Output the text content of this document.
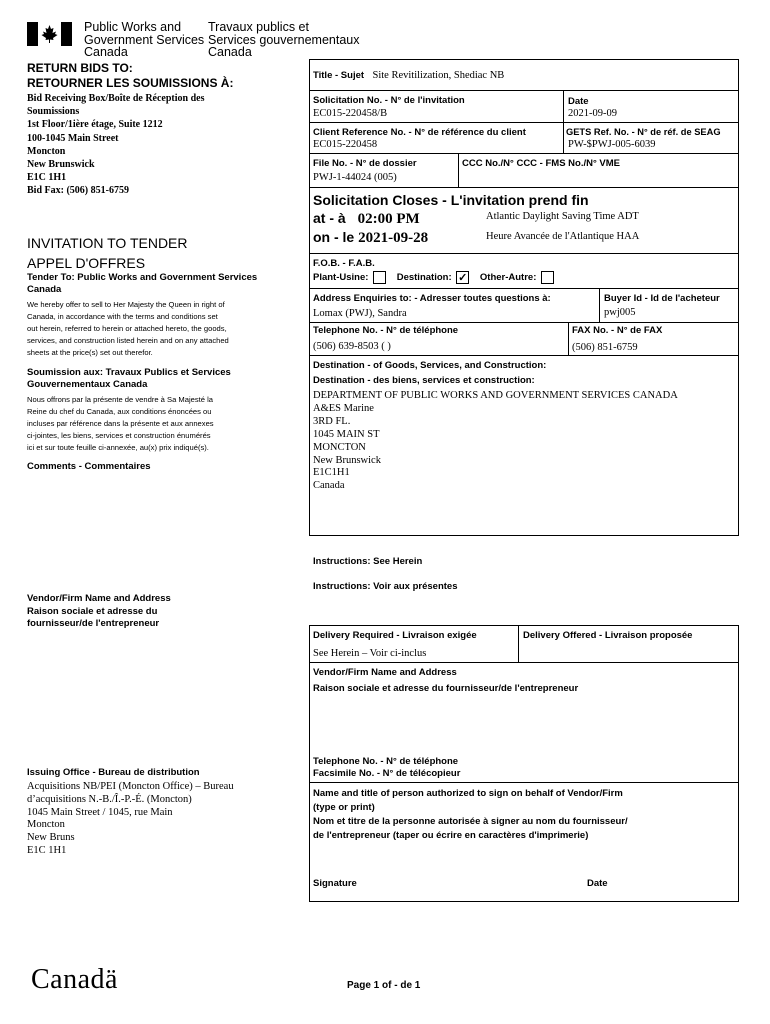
Public Works and
Government Services
Canada
Travaux publics et
Services gouvernementaux
Canada
RETURN BIDS TO:
RETOURNER LES SOUMISSIONS À:
Bid Receiving Box/Boîte de Réception des
Soumissions
1st Floor/1ière étage, Suite 1212
100-1045 Main Street
Moncton
New Brunswick
E1C 1H1
Bid Fax: (506) 851-6759
INVITATION TO TENDER
APPEL D'OFFRES
Tender To: Public Works and Government Services Canada
We hereby offer to sell to Her Majesty the Queen in right of
Canada, in accordance with the terms and conditions set
out herein, referred to herein or attached hereto, the goods,
services, and construction listed herein and on any attached
sheets at the price(s) set out therefor.
Soumission aux: Travaux Publics et Services Gouvernementaux Canada
Nous offrons par la présente de vendre à Sa Majesté la
Reine du chef du Canada, aux conditions énoncées ou
incluses par référence dans la présente et aux annexes
ci-jointes, les biens, services et construction énumérés
ici et sur toute feuille ci-annexée, au(x) prix indiqué(s).
Comments - Commentaires
Vendor/Firm Name and Address
Raison sociale et adresse du
fournisseur/de l'entrepreneur
Issuing Office - Bureau de distribution
Acquisitions NB/PEI (Moncton Office) – Bureau
d’acquisitions N.-B./Î.-P.-É. (Moncton)
1045 Main Street / 1045, rue Main
Moncton
New Bruns
E1C 1H1
Title - Sujet Site Revitilization, Shediac NB
Solicitation No. - N° de l'invitation
EC015-220458/B
Date
2021-09-09
Client Reference No. - N° de référence du client
EC015-220458
GETS Ref. No. - N° de réf. de SEAG
PW-$PWJ-005-6039
File No. - N° de dossier
PWJ-1-44024 (005)
CCC No./N° CCC - FMS No./N° VME
Solicitation Closes - L'invitation prend fin
at - à 02:00 PM
on - le 2021-09-28
Atlantic Daylight Saving Time ADT
Heure Avancée de l'Atlantique HAA
F.O.B. - F.A.B.
Plant-Usine:	Destination: ✓ Other-Autre:
Address Enquiries to: - Adresser toutes questions à:
Lomax (PWJ), Sandra
Buyer Id - Id de l'acheteur
pwj005
Telephone No. - N° de téléphone
(506) 639-8503 ( )
FAX No. - N° de FAX
(506) 851-6759
Destination - of Goods, Services, and Construction:
Destination - des biens, services et construction:
DEPARTMENT OF PUBLIC WORKS AND GOVERNMENT SERVICES CANADA
A&ES Marine
3RD FL.
1045 MAIN ST
MONCTON
New Brunswick
E1C1H1
Canada
Instructions: See Herein
Instructions: Voir aux présentes
Delivery Required - Livraison exigée
See Herein – Voir ci-inclus
Delivery Offered - Livraison proposée
Vendor/Firm Name and Address
Raison sociale et adresse du fournisseur/de l'entrepreneur
Telephone No. - N° de téléphone
Facsimile No. - N° de télécopieur
Name and title of person authorized to sign on behalf of Vendor/Firm
(type or print)
Nom et titre de la personne autorisée à signer au nom du fournisseur/
de l'entrepreneur (taper ou écrire en caractères d'imprimerie)
Signature	Date
Canadä	Page 1 of - de 1
